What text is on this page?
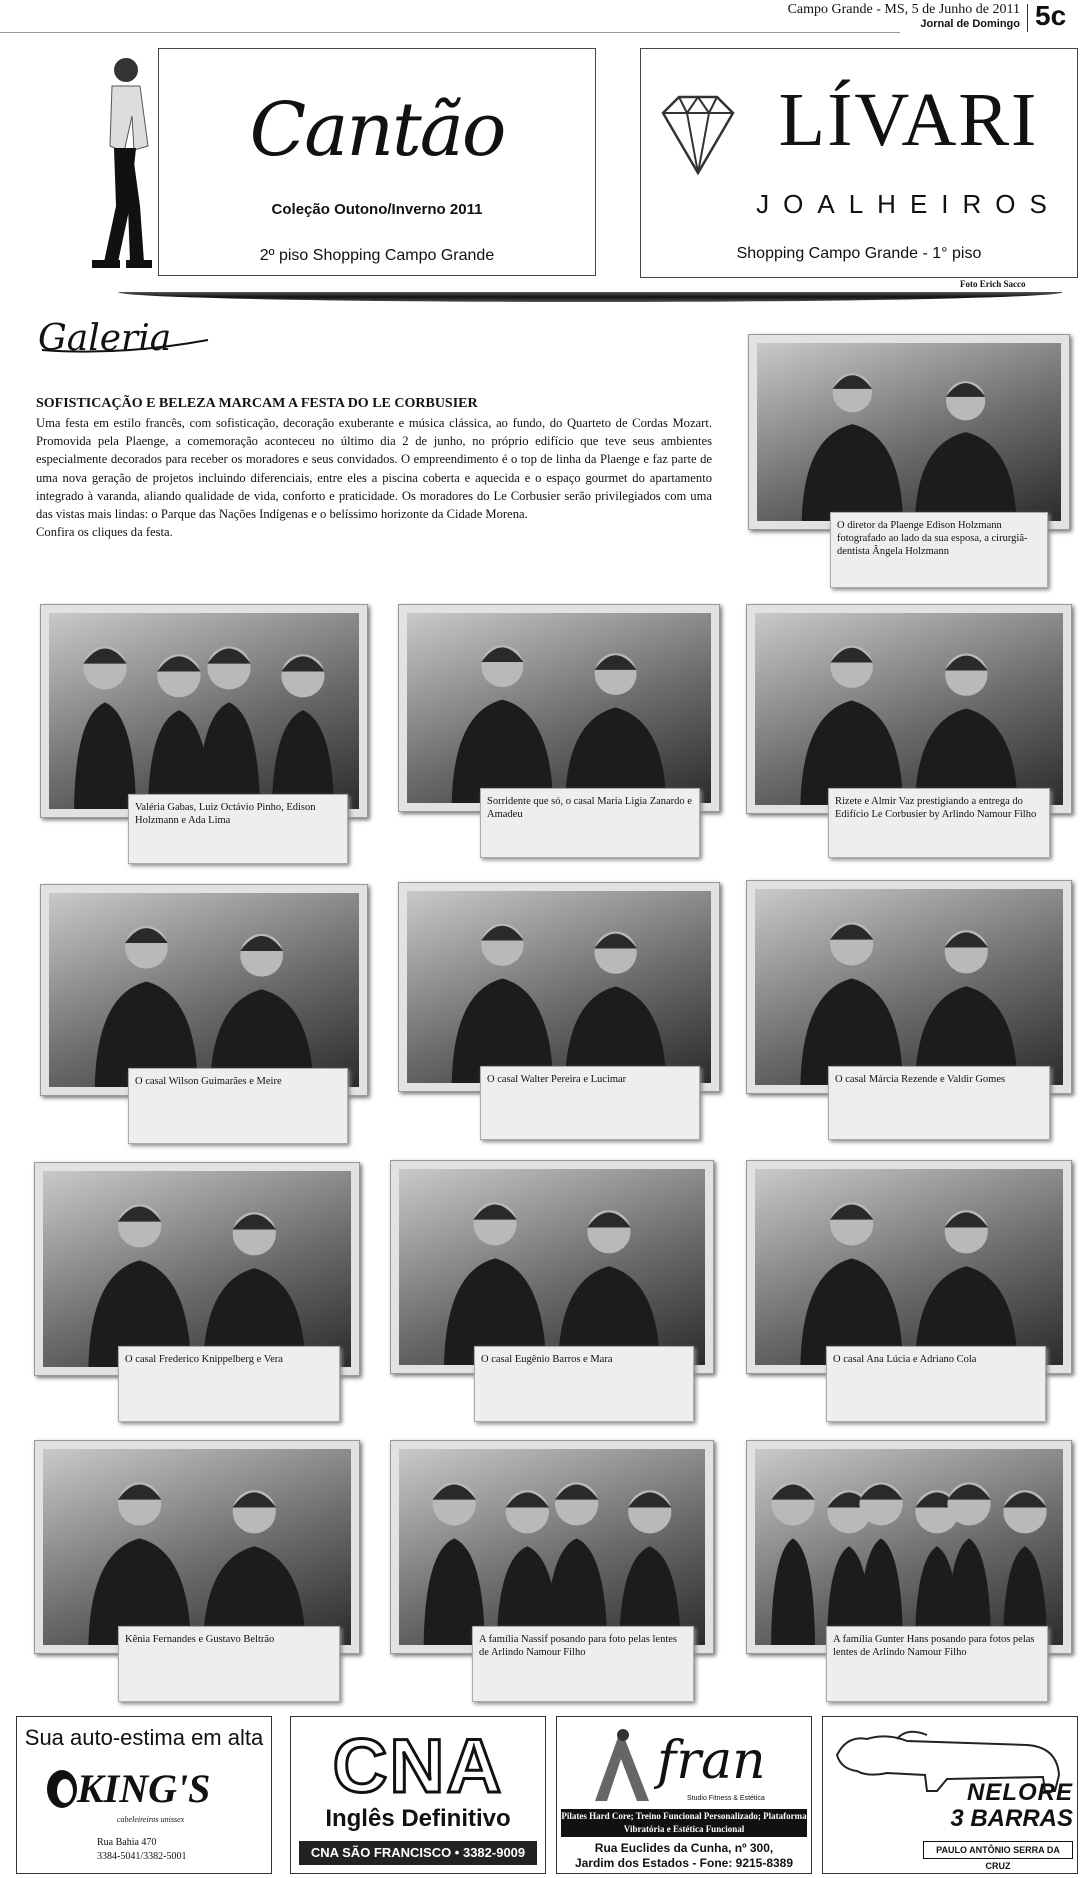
Campo Grande - MS, 5 de Junho de 2011
Jornal de Domingo 5c
Cantão
Coleção Outono/Inverno 2011
2º piso Shopping Campo Grande
LÍVARI
JOALHEIROS
Shopping Campo Grande - 1° piso
Foto Erich Sacco
Galeria
SOFISTICAÇÃO E BELEZA MARCAM A FESTA DO LE CORBUSIER

Uma festa em estilo francês, com sofisticação, decoração exuberante e música clássica, ao fundo, do Quarteto de Cordas Mozart. Promovida pela Plaenge, a comemoração aconteceu no último dia 2 de junho, no próprio edifício que teve seus ambientes especialmente decorados para receber os moradores e seus convidados. O empreendimento é o top de linha da Plaenge e faz parte de uma nova geração de projetos incluindo diferenciais, entre eles a piscina coberta e aquecida e o espaço gourmet do apartamento integrado à varanda, aliando qualidade de vida, conforto e praticidade. Os moradores do Le Corbusier serão privilegiados com uma das vistas mais lindas: o Parque das Nações Indígenas e o belíssimo horizonte da Cidade Morena.

Confira os cliques da festa.	O diretor da Plaenge Edison Holzmann fotografado ao lado da sua esposa, a cirurgiã-dentista Ângela Holzmann
Valéria Gabas, Luiz Octávio Pinho, Edison Holzmann e Ada Lima
Sorridente que só, o casal Maria Ligia Zanardo e Amadeu
Rizete e Almir Vaz prestigiando a entrega do Edifício Le Corbusier by Arlindo Namour Filho
O casal Wilson Guimarães e Meire	O casal Walter Pereira e Lucimar	O casal Márcia Rezende e Valdir Gomes
O casal Frederico Knippelberg e Vera	O casal Eugênio Barros e Mara	O casal Ana Lúcia e Adriano Cola
Kênia Fernandes e Gustavo Beltrão	A família Nassif posando para foto pelas lentes de Arlindo Namour Filho
A família Gunter Hans posando para fotos pelas lentes de Arlindo Namour Filho
Sua auto-estima em alta
KING'S
cabeleireiros unissex
Rua Bahia 470
3384-5041/3382-5001
CNA
Inglês Definitivo
CNA SÃO FRANCISCO • 3382-9009
fran
Studio Fitness & Estética
Pilates Hard Core; Treino Funcional Personalizado; Plataforma Vibratória e Estética Funcional
Rua Euclides da Cunha, nº 300,
Jardim dos Estados - Fone: 9215-8389
NELORE
3 BARRAS
PAULO ANTÔNIO SERRA DA CRUZ
